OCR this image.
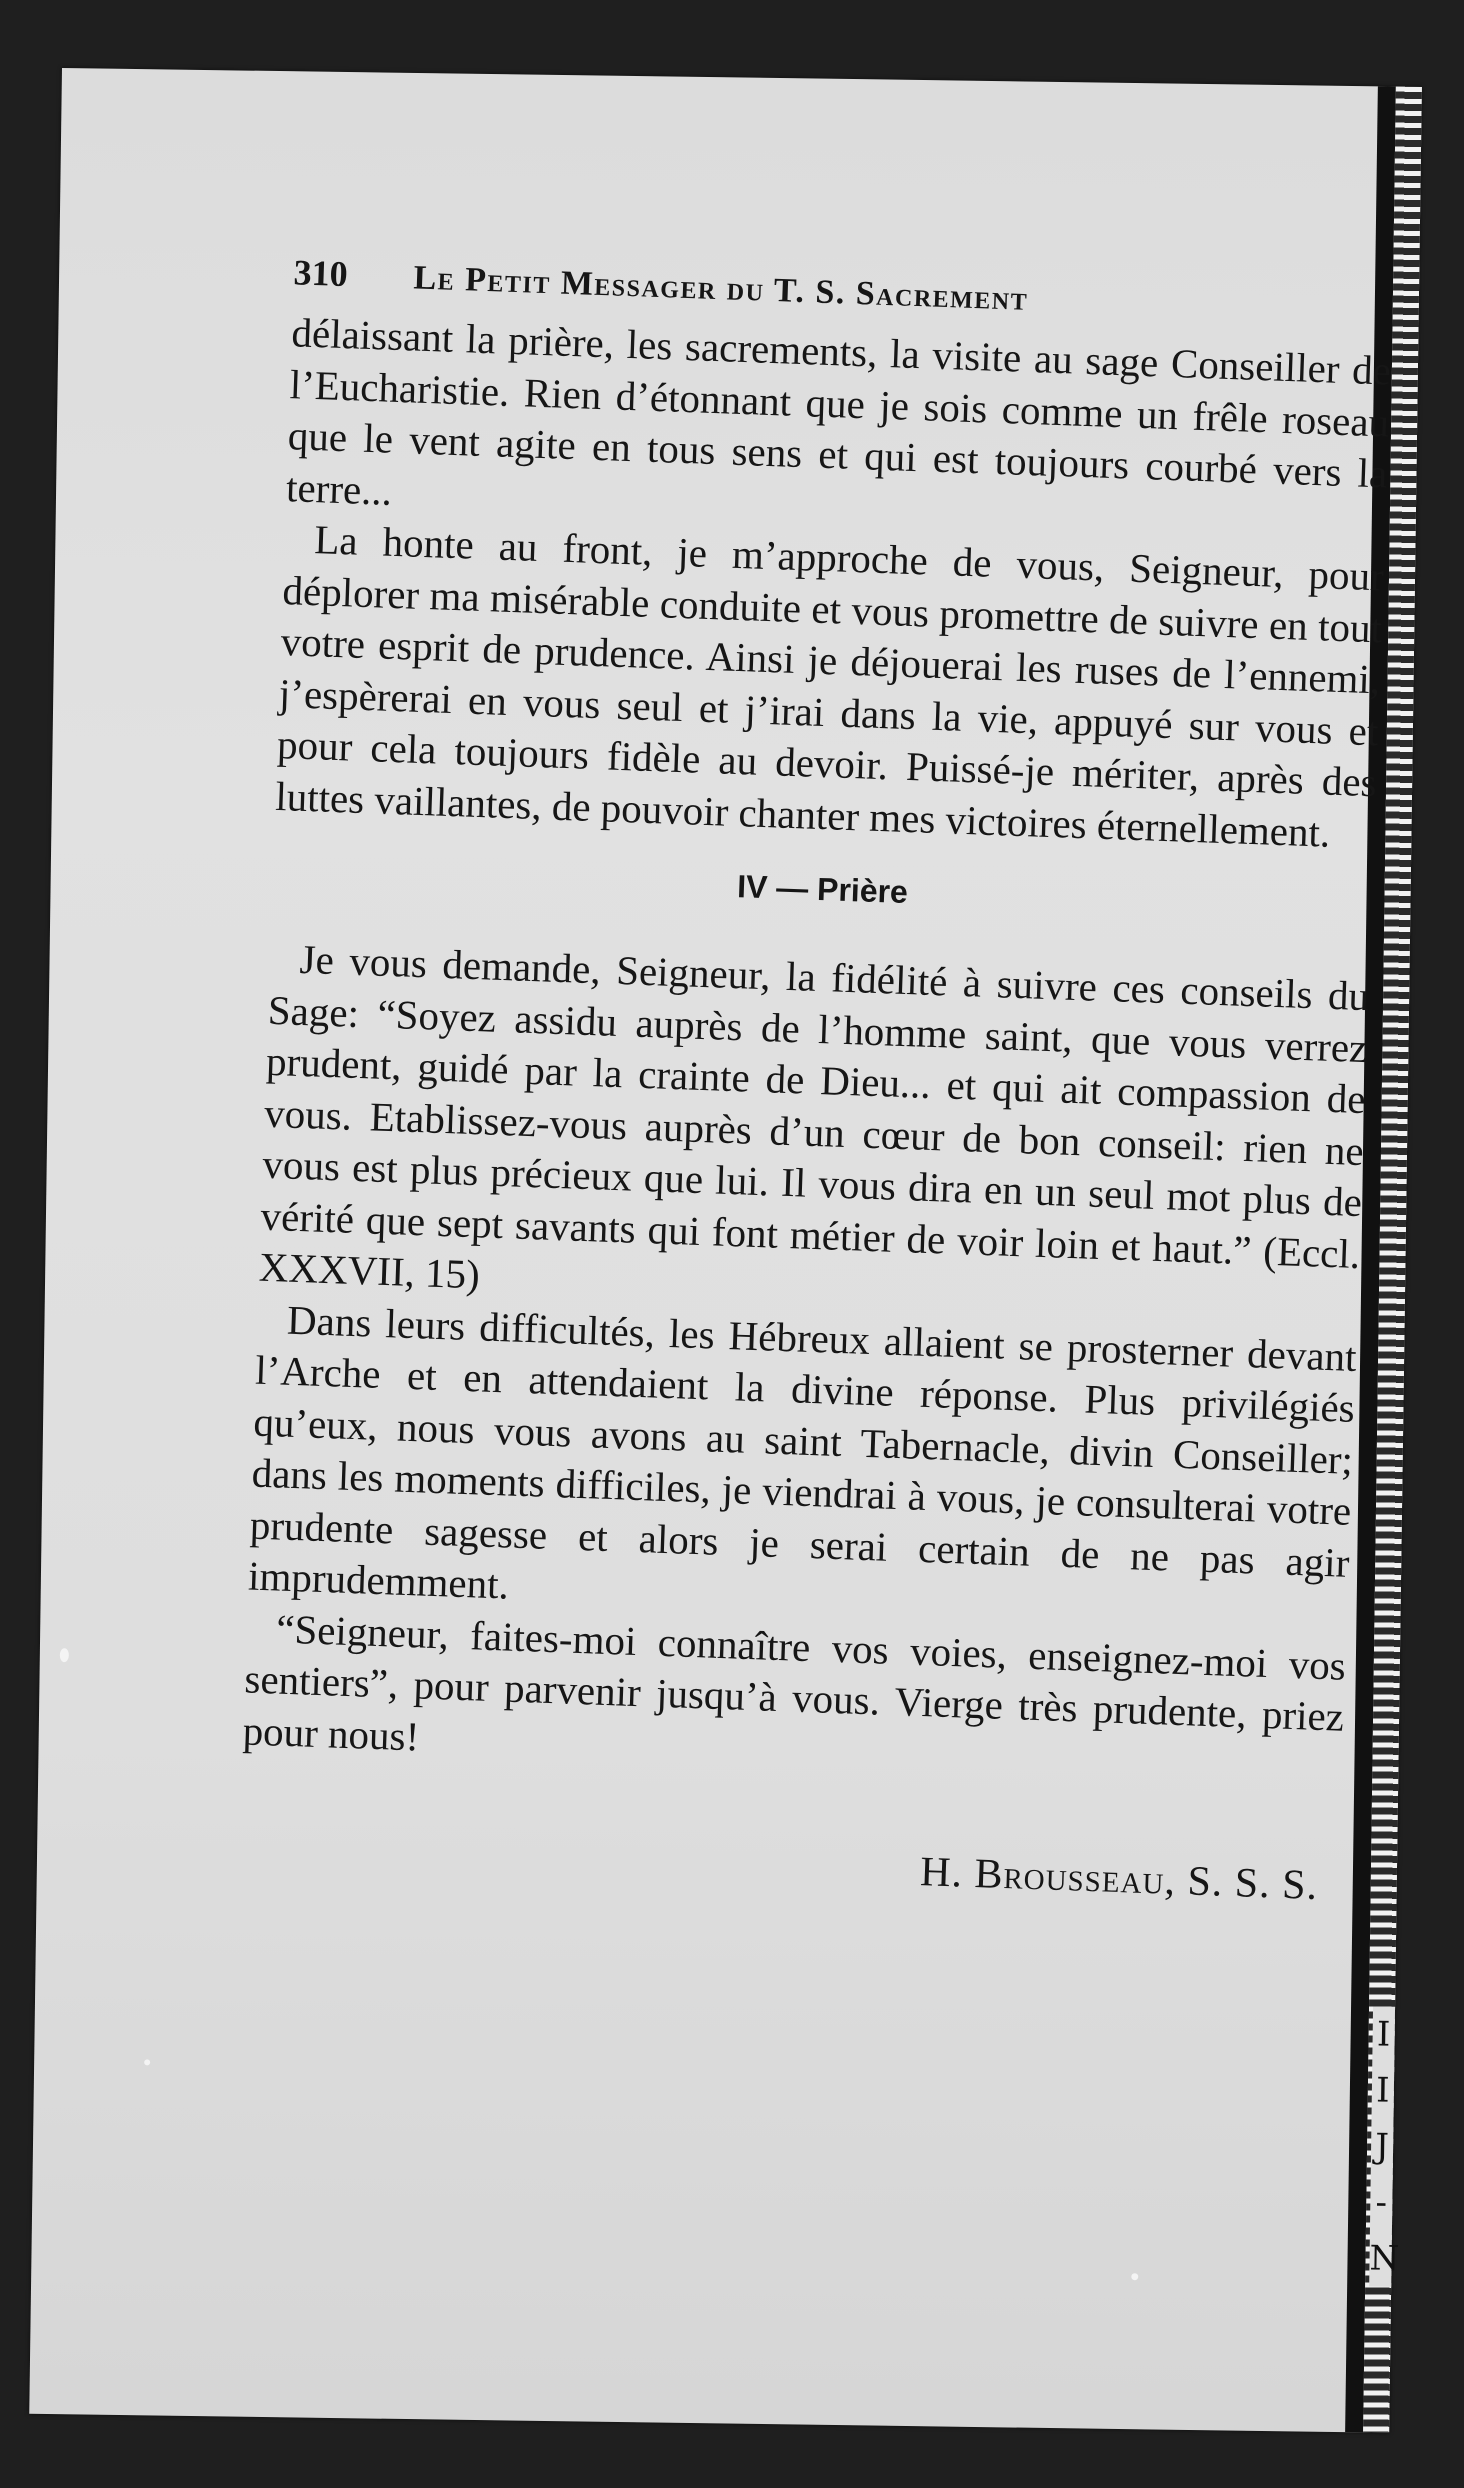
I
I
J
-
N
310	Le Petit Messager du T. S. Sacrement

délaissant la prière, les sacrements, la visite au sage Conseiller de l’Eucharistie. Rien d’étonnant que je sois comme un frêle roseau que le vent agite en tous sens et qui est toujours courbé vers la terre...

La honte au front, je m’approche de vous, Seigneur, pour déplorer ma misérable conduite et vous promettre de suivre en tout votre esprit de prudence. Ainsi je déjouerai les ruses de l’ennemi, j’espèrerai en vous seul et j’irai dans la vie, appuyé sur vous et pour cela toujours fidèle au devoir. Puissé-je mériter, après des luttes vaillantes, de pouvoir chanter mes victoires éternellement.

IV — Prière

Je vous demande, Seigneur, la fidélité à suivre ces conseils du Sage: “Soyez assidu auprès de l’homme saint, que vous verrez prudent, guidé par la crainte de Dieu... et qui ait compassion de vous. Etablissez-vous auprès d’un cœur de bon conseil: rien ne vous est plus précieux que lui. Il vous dira en un seul mot plus de vérité que sept savants qui font métier de voir loin et haut.” (Eccl. XXXVII, 15)

Dans leurs difficultés, les Hébreux allaient se prosterner devant l’Arche et en attendaient la divine réponse. Plus privilégiés qu’eux, nous vous avons au saint Tabernacle, divin Conseiller; dans les moments difficiles, je viendrai à vous, je consulterai votre prudente sagesse et alors je serai certain de ne pas agir imprudemment.

“Seigneur, faites-moi connaître vos voies, enseignez-moi vos sentiers”, pour parvenir jusqu’à vous. Vierge très prudente, priez pour nous!

H. Brousseau, S. S. S.
